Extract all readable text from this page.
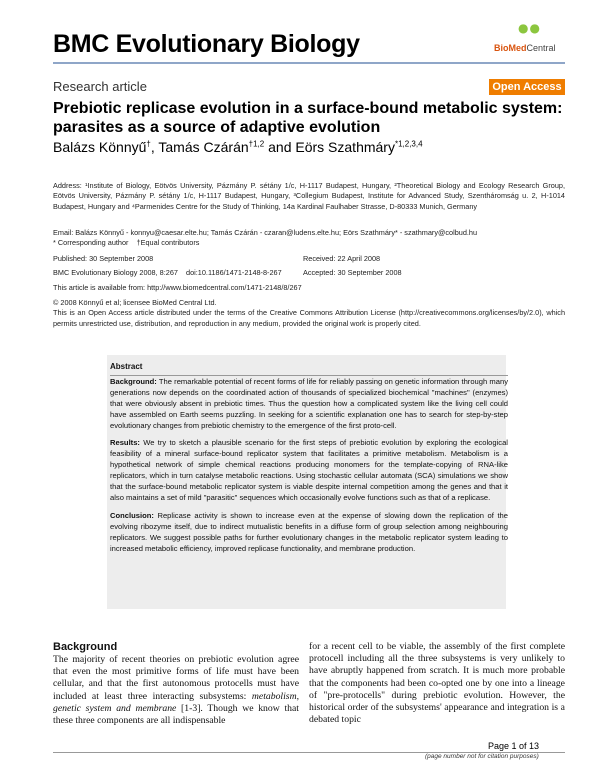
BMC Evolutionary Biology
●●

BioMedCentral
Research article	Open Access
Prebiotic replicase evolution in a surface-bound metabolic system: parasites as a source of adaptive evolution
Balázs Könnyű†, Tamás Czárán$^{\dagger 1,2}$ and Eörs Szathmáry$^{*1,2,3,4}$
Address: ¹Institute of Biology, Eötvös University, Pázmány P. sétány 1/c, H-1117 Budapest, Hungary, ²Theoretical Biology and Ecology Research Group, Eötvös University, Pázmány P. sétány 1/c, H-1117 Budapest, Hungary, ³Collegium Budapest, Institute for Advanced Study, Szentháromság u. 2, H-1014 Budapest, Hungary and ⁴Parmenides Centre for the Study of Thinking, 14a Kardinal Faulhaber Strasse, D-80333 Munich, Germany
Email: Balázs Könnyű - konnyu@caesar.elte.hu; Tamás Czárán - czaran@ludens.elte.hu; Eörs Szathmáry* - szathmary@colbud.hu
* Corresponding author    †Equal contributors
Published: 30 September 2008
BMC Evolutionary Biology 2008, 8:267    doi:10.1186/1471-2148-8-267
This article is available from: http://www.biomedcentral.com/1471-2148/8/267
Received: 22 April 2008
Accepted: 30 September 2008
© 2008 Könnyű et al; licensee BioMed Central Ltd.
This is an Open Access article distributed under the terms of the Creative Commons Attribution License (http://creativecommons.org/licenses/by/2.0), which permits unrestricted use, distribution, and reproduction in any medium, provided the original work is properly cited.
Abstract

Background: The remarkable potential of recent forms of life for reliably passing on genetic information through many generations now depends on the coordinated action of thousands of specialized biochemical "machines" (enzymes) that were obviously absent in prebiotic times. Thus the question how a complicated system like the living cell could have assembled on Earth seems puzzling. In seeking for a scientific explanation one has to search for step-by-step evolutionary changes from prebiotic chemistry to the emergence of the first proto-cell.

Results: We try to sketch a plausible scenario for the first steps of prebiotic evolution by exploring the ecological feasibility of a mineral surface-bound replicator system that facilitates a primitive metabolism. Metabolism is a hypothetical network of simple chemical reactions producing monomers for the template-copying of RNA-like replicators, which in turn catalyse metabolic reactions. Using stochastic cellular automata (SCA) simulations we show that the surface-bound metabolic replicator system is viable despite internal competition among the genes and that it also maintains a set of mild "parasitic" sequences which occasionally evolve functions such as that of a replicase.

Conclusion: Replicase activity is shown to increase even at the expense of slowing down the replication of the evolving ribozyme itself, due to indirect mutualistic benefits in a diffuse form of group selection among neighbouring replicators. We suggest possible paths for further evolutionary changes in the metabolic replicator system leading to increased metabolic efficiency, improved replicase functionality, and membrane production.

Background
The majority of recent theories on prebiotic evolution agree that even the most primitive forms of life must have been cellular, and that the first autonomous protocells must have included at least three interacting subsystems: metabolism, genetic system and membrane [1-3]. Though we know that these three components are all indispensable
for a recent cell to be viable, the assembly of the first complete protocell including all the three subsystems is very unlikely to have abruptly happened from scratch. It is much more probable that the components had been co-opted one by one into a lineage of "pre-protocells" during prebiotic evolution. However, the historical order of the subsystems' appearance and integration is a debated topic
Page 1 of 13
(page number not for citation purposes)
